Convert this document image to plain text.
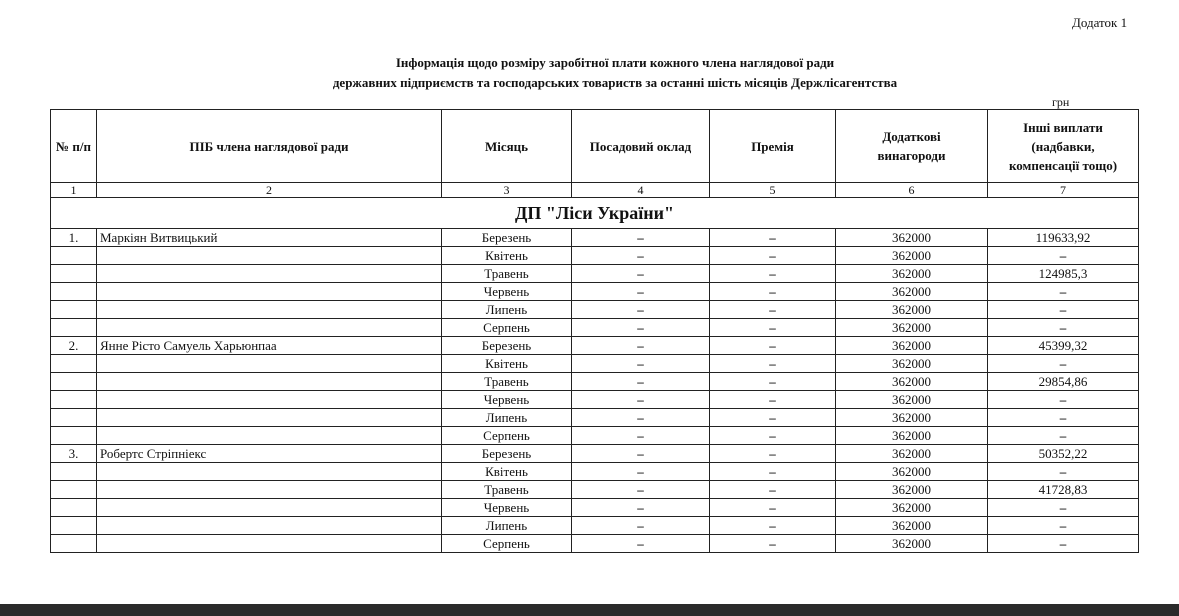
Додаток 1
Інформація щодо розміру заробітної плати кожного члена наглядової ради
державних підприємств та господарських товариств за останні шість місяців Держлісагентства
грн
№ п/п	ПІБ члена наглядової ради	Місяць	Посадовий оклад	Премія	Додаткові винагороди	Інші виплати (надбавки, компенсації тощо)
1	2	3	4	5	6	7
ДП "Ліси України"						
1.	Маркіян Витвицький	Березень	–	–	362000	119633,92
		Квітень	–	–	362000	–
		Травень	–	–	362000	124985,3
		Червень	–	–	362000	–
		Липень	–	–	362000	–
		Серпень	–	–	362000	–
2.	Янне Рісто Самуель Харьюнпаа	Березень	–	–	362000	45399,32
		Квітень	–	–	362000	–
		Травень	–	–	362000	29854,86
		Червень	–	–	362000	–
		Липень	–	–	362000	–
		Серпень	–	–	362000	–
3.	Робертс Стріпніекс	Березень	–	–	362000	50352,22
		Квітень	–	–	362000	–
		Травень	–	–	362000	41728,83
		Червень	–	–	362000	–
		Липень	–	–	362000	–
		Серпень	–	–	362000	–
